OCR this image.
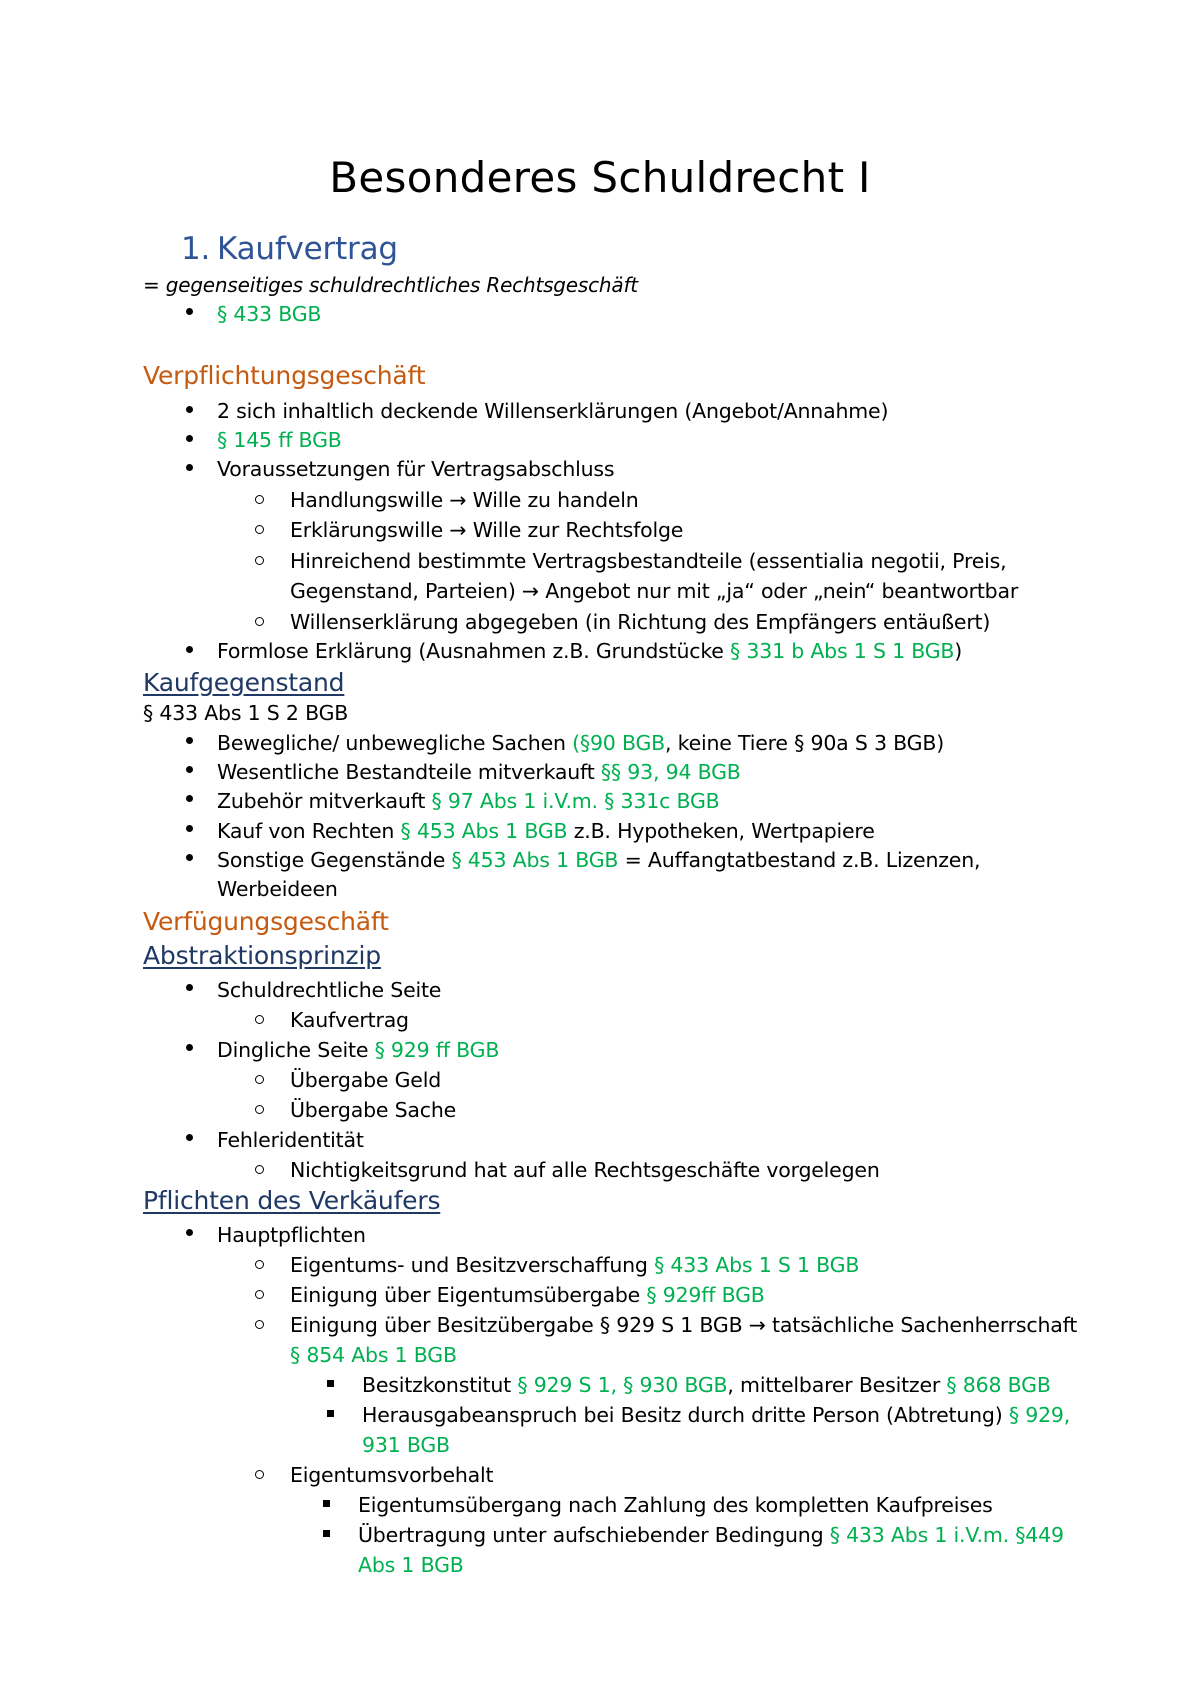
Besonderes Schuldrecht I
1. Kaufvertrag
= gegenseitiges schuldrechtliches Rechtsgeschäft
§ 433 BGB
Verpflichtungsgeschäft
2 sich inhaltlich deckende Willenserklärungen (Angebot/Annahme)
§ 145 ff BGB
Voraussetzungen für Vertragsabschluss
Handlungswille → Wille zu handeln
Erklärungswille → Wille zur Rechtsfolge
Hinreichend bestimmte Vertragsbestandteile (essentialia negotii, Preis,
Gegenstand, Parteien) → Angebot nur mit „ja“ oder „nein“ beantwortbar
Willenserklärung abgegeben (in Richtung des Empfängers entäußert)
Formlose Erklärung (Ausnahmen z.B. Grundstücke § 331 b Abs 1 S 1 BGB)
Kaufgegenstand
§ 433 Abs 1 S 2 BGB
Bewegliche/ unbewegliche Sachen (§90 BGB, keine Tiere § 90a S 3 BGB)
Wesentliche Bestandteile mitverkauft §§ 93, 94 BGB
Zubehör mitverkauft § 97 Abs 1 i.V.m. § 331c BGB
Kauf von Rechten § 453 Abs 1 BGB z.B. Hypotheken, Wertpapiere
Sonstige Gegenstände § 453 Abs 1 BGB = Auffangtatbestand z.B. Lizenzen,
Werbeideen
Verfügungsgeschäft
Abstraktionsprinzip
Schuldrechtliche Seite
Kaufvertrag
Dingliche Seite § 929 ff BGB
Übergabe Geld
Übergabe Sache
Fehleridentität
Nichtigkeitsgrund hat auf alle Rechtsgeschäfte vorgelegen
Pflichten des Verkäufers
Hauptpflichten
Eigentums- und Besitzverschaffung § 433 Abs 1 S 1 BGB
Einigung über Eigentumsübergabe § 929ff BGB
Einigung über Besitzübergabe § 929 S 1 BGB → tatsächliche Sachenherrschaft
§ 854 Abs 1 BGB
Besitzkonstitut § 929 S 1, § 930 BGB, mittelbarer Besitzer § 868 BGB
Herausgabeanspruch bei Besitz durch dritte Person (Abtretung) § 929,
931 BGB
Eigentumsvorbehalt
Eigentumsübergang nach Zahlung des kompletten Kaufpreises
Übertragung unter aufschiebender Bedingung § 433 Abs 1 i.V.m. §449
Abs 1 BGB
